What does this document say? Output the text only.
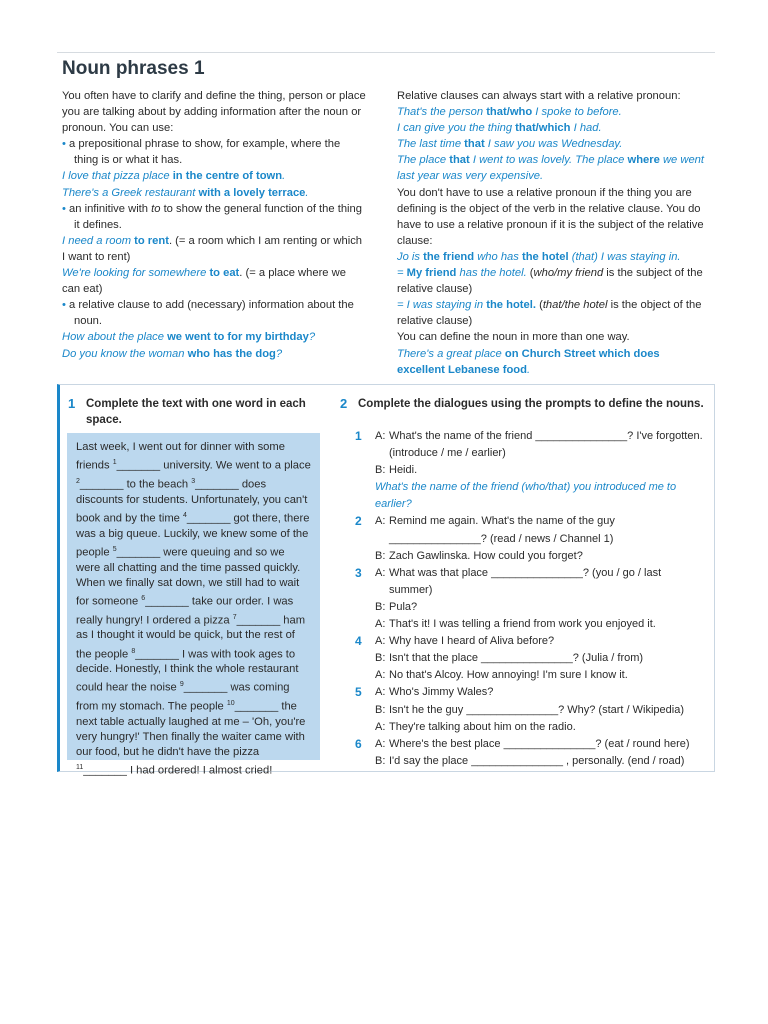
Noun phrases 1

You often have to clarify and define the thing, person or place you are talking about by adding information after the noun or pronoun. You can use:

• a prepositional phrase to show, for example, where the thing is or what it has.

I love that pizza place in the centre of town.

There's a Greek restaurant with a lovely terrace.

• an infinitive with to to show the general function of the thing it defines.

I need a room to rent. (= a room which I am renting or which I want to rent)

We're looking for somewhere to eat. (= a place where we can eat)

• a relative clause to add (necessary) information about the noun.

How about the place we went to for my birthday?

Do you know the woman who has the dog?

Relative clauses can always start with a relative pronoun:

That's the person that/who I spoke to before.

I can give you the thing that/which I had.

The last time that I saw you was Wednesday.

The place that I went to was lovely. The place where we went last year was very expensive.

You don't have to use a relative pronoun if the thing you are defining is the object of the verb in the relative clause. You do have to use a relative pronoun if it is the subject of the relative clause:

Jo is the friend who has the hotel (that) I was staying in.

= My friend has the hotel. (who/my friend is the subject of the relative clause)

= I was staying in the hotel. (that/the hotel is the object of the relative clause)

You can define the noun in more than one way.

There's a great place on Church Street which does excellent Lebanese food.

1 Complete the text with one word in each space.
Last week, I went out for dinner with some friends $^1$_______ university. We went to a place $^2$_______ to the beach $^3$_______ does discounts for students. Unfortunately, you can't book and by the time $^4$_______ got there, there was a big queue. Luckily, we knew some of the people $^5$_______ were queuing and so we were all chatting and the time passed quickly. When we finally sat down, we still had to wait for someone $^6$_______ take our order. I was really hungry! I ordered a pizza $^7$_______ ham as I thought it would be quick, but the rest of the people $^8$_______ I was with took ages to decide. Honestly, I think the whole restaurant could hear the noise $^9$_______ was coming from my stomach. The people $^{10}$_______ the next table actually laughed at me – 'Oh, you're very hungry!' Then finally the waiter came with our food, but he didn't have the pizza $^{11}$_______ I had ordered! I almost cried!
2 Complete the dialogues using the prompts to define the nouns.
1	A: What's the name of the friend _______________? I've forgotten. (introduce / me / earlier)
B: Heidi.
What's the name of the friend (who/that) you introduced me to earlier?
2	A: Remind me again. What's the name of the guy _______________? (read / news / Channel 1)
B: Zach Gawlinska. How could you forget?
3	A: What was that place _______________? (you / go / last summer)
B: Pula?
A: That's it! I was telling a friend from work you enjoyed it.
4	A: Why have I heard of Aliva before?
B: Isn't that the place _______________? (Julia / from)
A: No that's Alcoy. How annoying! I'm sure I know it.
5	A: Who's Jimmy Wales?
B: Isn't he the guy _______________? Why? (start / Wikipedia)
A: They're talking about him on the radio.
6	A: Where's the best place _______________? (eat / round here)
B: I'd say the place _______________ , personally. (end / road)
